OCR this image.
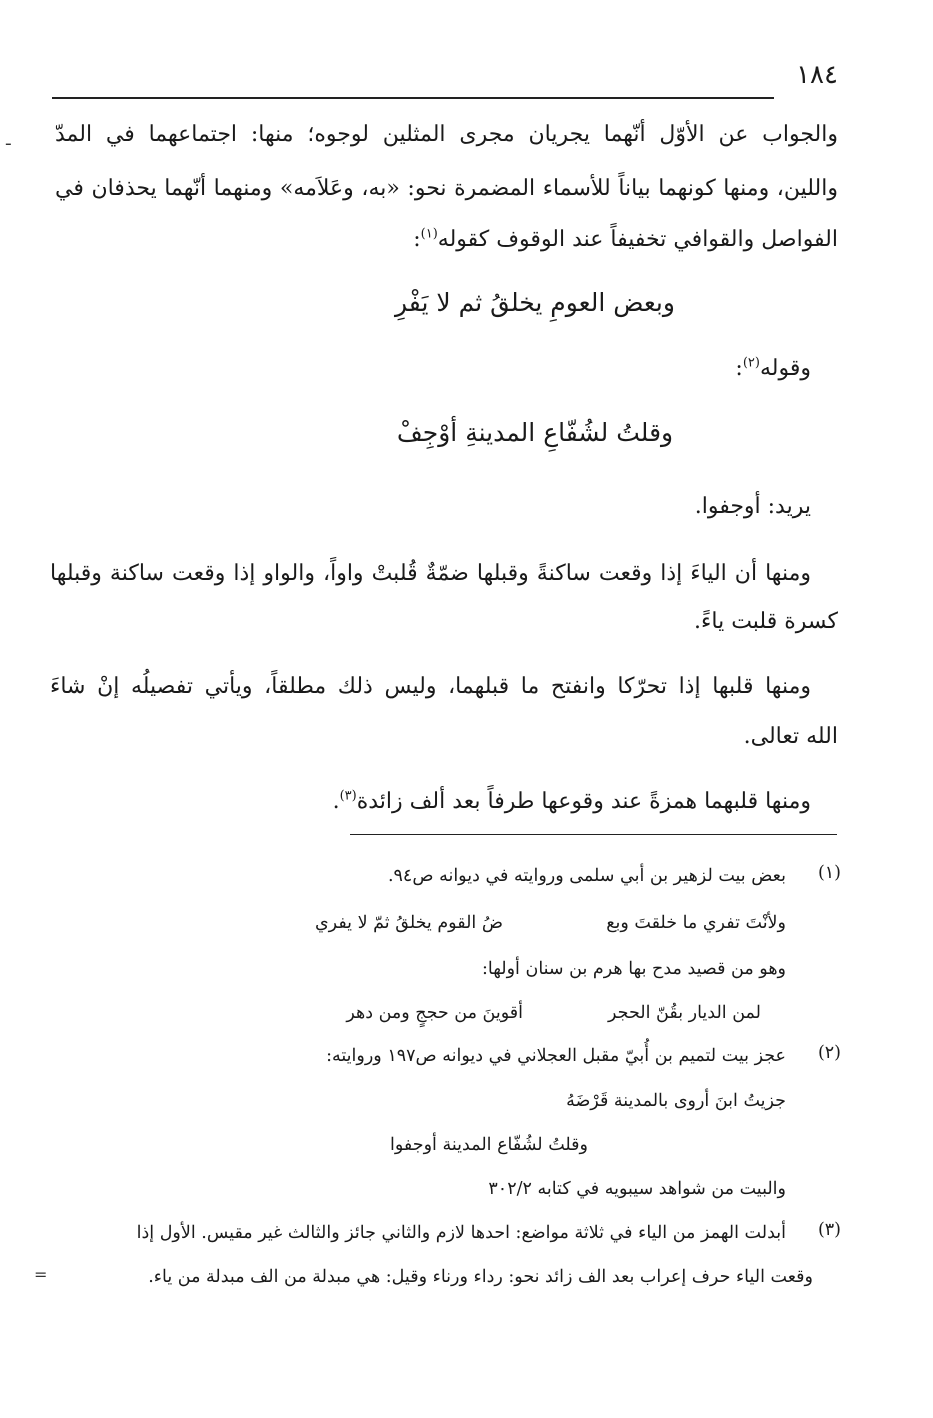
١٨٤
ـ والجواب عن الأوّل أنّهما يجريان مجرى المثلين لوجوه؛ منها: اجتماعهما في المدّ
واللين، ومنها كونهما بياناً للأسماء المضمرة نحو: «به، وعَلاَمه» ومنهما أنّهما يحذفان في
الفواصل والقوافي تخفيفاً عند الوقوف كقوله$^{(١)}$:
وبعض العومِ يخلقُ ثم لا يَفْرِ
وقوله$^{(٢)}$:
وقلتُ لشُفّاعِ المدينةِ أوْجِفْ
يريد: أوجفوا.
ومنها أن الياءَ إذا وقعت ساكنةً وقبلها ضمّةٌ قُلبتْ واواً، والواو إذا وقعت ساكنة وقبلها
كسرة قلبت ياءً.
ومنها قلبها إذا تحرّكا وانفتح ما قبلهما، وليس ذلك مطلقاً، ويأتي تفصيلُه إنْ شاءَ
الله تعالى.
ومنها قلبهما همزةً عند وقوعها طرفاً بعد ألف زائدة$^{(٣)}$.
(١)
بعض بيت لزهير بن أبي سلمى وروايته في ديوانه ص٩٤.
ولأنْتَ تفري ما خلقتَ وبع
ضُ القوم يخلقُ ثمّ لا يفري
وهو من قصيد مدح بها هرم بن سنان أولها:
لمن الديار بقُنّ الحجر
أقوينَ من حججٍ ومن دهر
(٢)
عجز بيت لتميم بن أُبيّ مقبل العجلاني في ديوانه ص١٩٧ وروايته:
جزيتُ ابنَ أروى بالمدينة قَرْضَهُ
وقلتُ لشُفّاع المدينة أوجفوا
والبيت من شواهد سيبويه في كتابه ٣٠٢/٢
(٣)
أبدلت الهمز من الياء في ثلاثة مواضع: احدها لازم والثاني جائز والثالث غير مقيس. الأول إذا
وقعت الياء حرف إعراب بعد الف زائد نحو: رداء ورناء وقيل: هي مبدلة من الف مبدلة من ياء.
=
